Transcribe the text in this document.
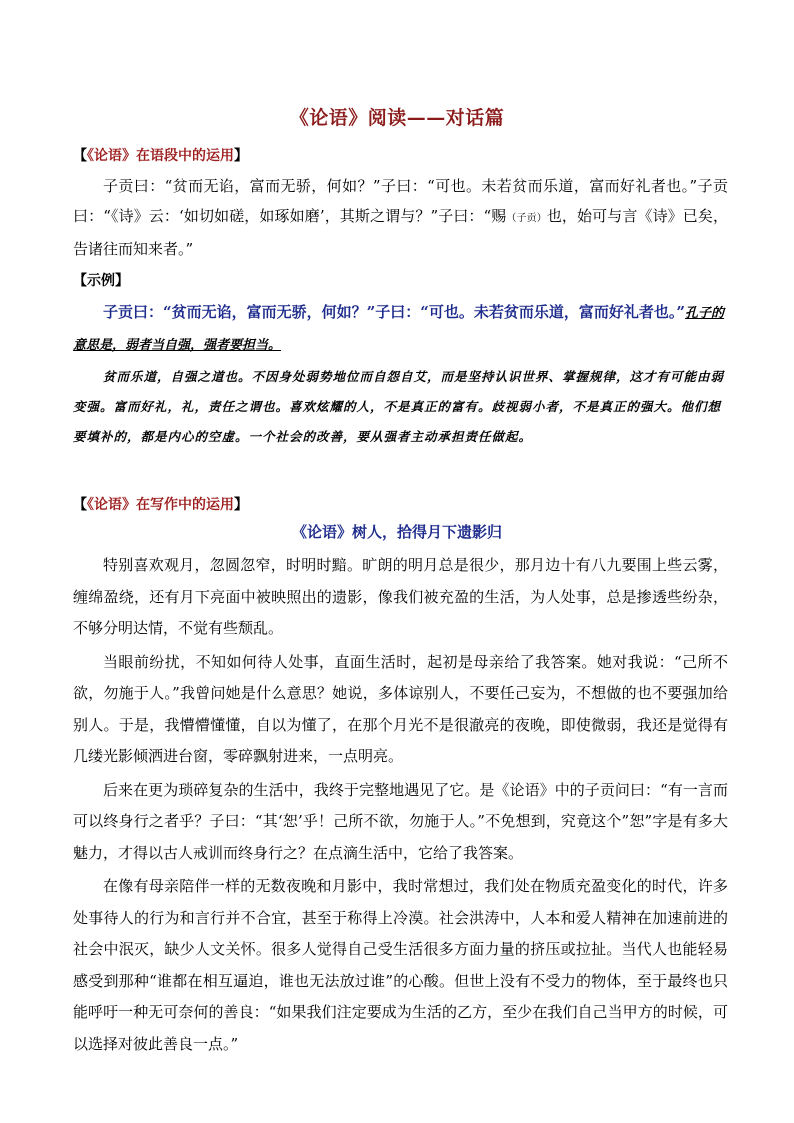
《论语》阅读——对话篇
【《论语》在语段中的运用】
子贡曰：“贫而无谄，富而无骄，何如？”子曰：“可也。未若贫而乐道，富而好礼者也。”子贡曰：“《诗》云：‘如切如磋，如琢如磨’，其斯之谓与？”子曰：“赐（子贡）也，始可与言《诗》已矣，告诸往而知来者。”
【示例】
子贡曰：“贫而无谄，富而无骄，何如？”子曰：“可也。未若贫而乐道，富而好礼者也。”孔子的意思是，弱者当自强，强者要担当。
贫而乐道，自强之道也。不因身处弱势地位而自怨自艾，而是坚持认识世界、掌握规律，这才有可能由弱变强。富而好礼，礼，责任之谓也。喜欢炫耀的人，不是真正的富有。歧视弱小者，不是真正的强大。他们想要填补的，都是内心的空虚。一个社会的改善，要从强者主动承担责任做起。
【《论语》在写作中的运用】
《论语》树人，拾得月下遗影归

特别喜欢观月，忽圆忽窄，时明时黯。旷朗的明月总是很少，那月边十有八九要围上些云雾，缠绵盈绕，还有月下亮面中被映照出的遗影，像我们被充盈的生活，为人处事，总是掺透些纷杂，不够分明达情，不觉有些颓乱。

当眼前纷扰，不知如何待人处事，直面生活时，起初是母亲给了我答案。她对我说：“己所不欲，勿施于人。”我曾问她是什么意思？她说，多体谅别人，不要任己妄为，不想做的也不要强加给别人。于是，我懵懵懂懂，自以为懂了，在那个月光不是很澈亮的夜晚，即使微弱，我还是觉得有几缕光影倾洒进台窗，零碎飘射进来，一点明亮。

后来在更为琐碎复杂的生活中，我终于完整地遇见了它。是《论语》中的子贡问曰：“有一言而可以终身行之者乎？子曰：“其‘恕’乎！己所不欲，勿施于人。”不免想到，究竟这个”恕”字是有多大魅力，才得以古人戒训而终身行之？在点滴生活中，它给了我答案。

在像有母亲陪伴一样的无数夜晚和月影中，我时常想过，我们处在物质充盈变化的时代，许多处事待人的行为和言行并不合宜，甚至于称得上冷漠。社会洪涛中，人本和爱人精神在加速前进的社会中泯灭，缺少人文关怀。很多人觉得自己受生活很多方面力量的挤压或拉扯。当代人也能轻易感受到那种“谁都在相互逼迫，谁也无法放过谁”的心酸。但世上没有不受力的物体，至于最终也只能呼吁一种无可奈何的善良：“如果我们注定要成为生活的乙方，至少在我们自己当甲方的时候，可以选择对彼此善良一点。”
